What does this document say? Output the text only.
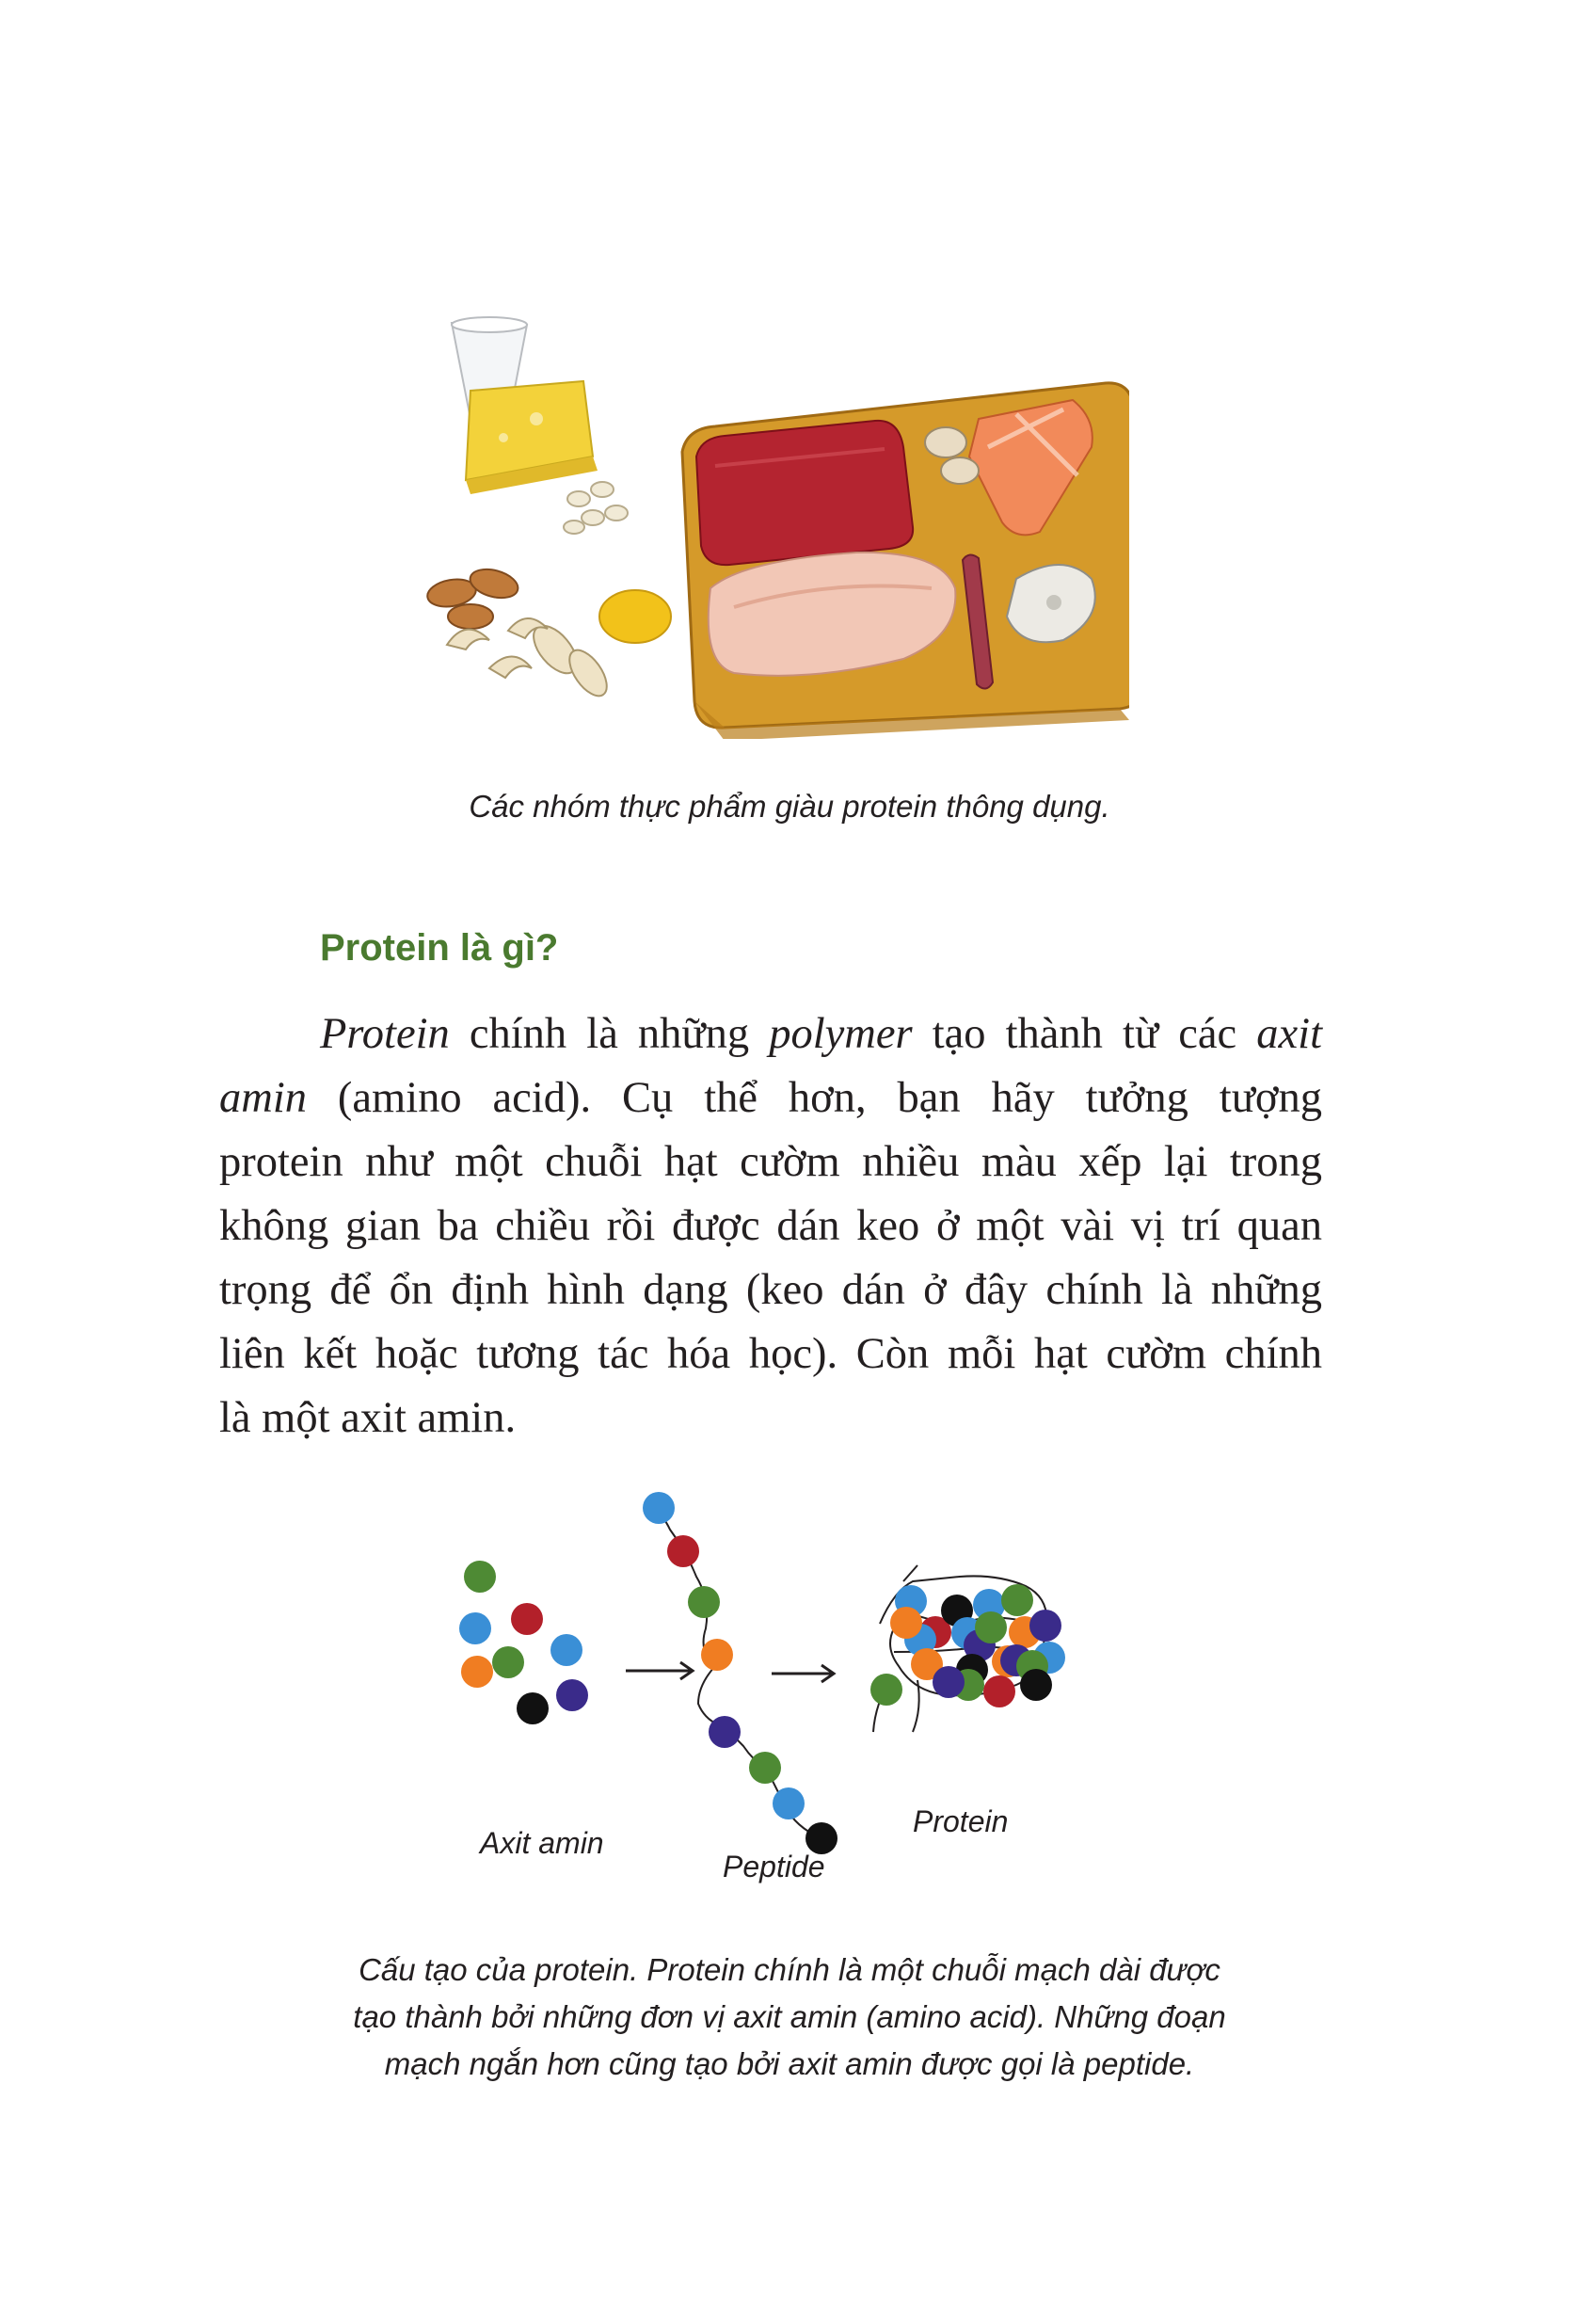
Các nhóm thực phẩm giàu protein thông dụng.
Protein là gì?
Protein chính là những polymer tạo thành từ các axit
amin (amino acid). Cụ thể hơn, bạn hãy tưởng tượng
protein như một chuỗi hạt cườm nhiều màu xếp lại trong
không gian ba chiều rồi được dán keo ở một vài vị trí quan
trọng để ổn định hình dạng (keo dán ở đây chính là những
liên kết hoặc tương tác hóa học). Còn mỗi hạt cườm chính
là một axit amin.
Axit amin
Peptide
Protein
Cấu tạo của protein. Protein chính là một chuỗi mạch dài được
tạo thành bởi những đơn vị axit amin (amino acid). Những đoạn
mạch ngắn hơn cũng tạo bởi axit amin được gọi là peptide.
